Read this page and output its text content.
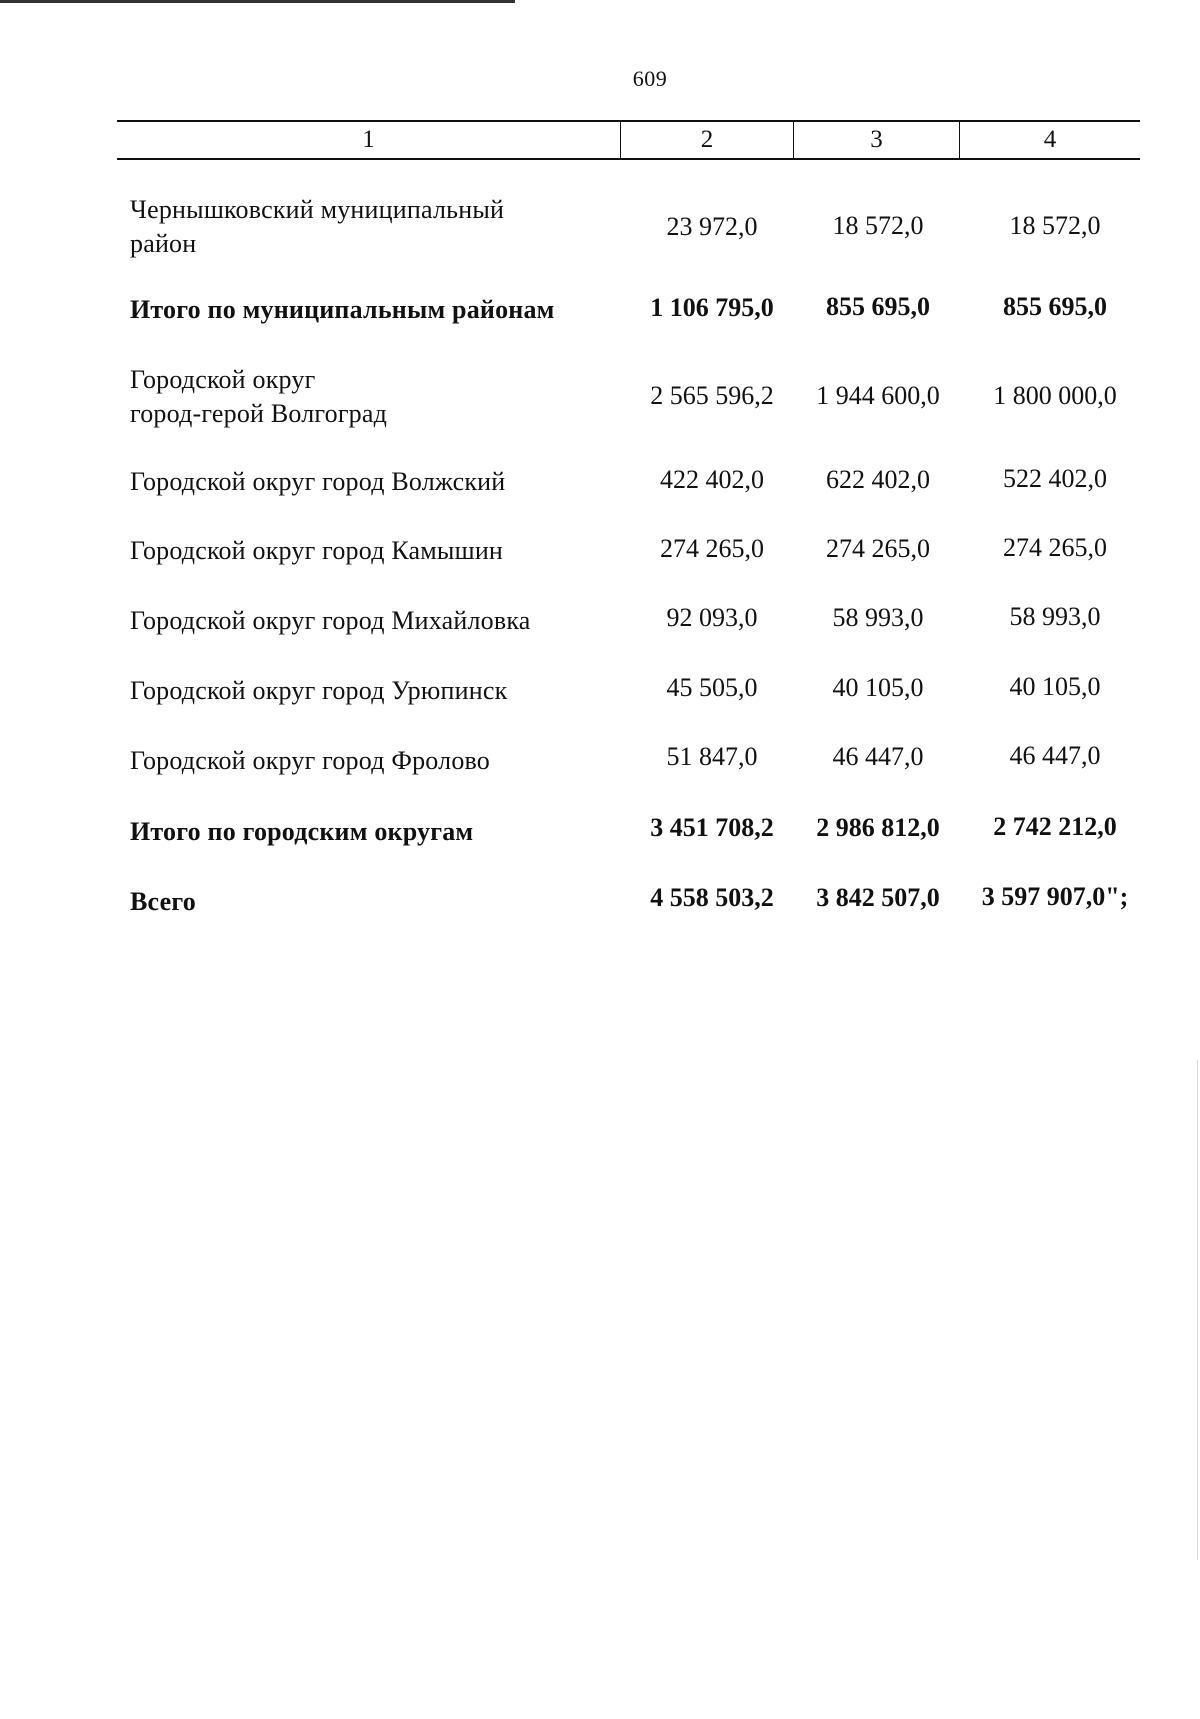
609
1	2	3	4
Чернышковский муниципальный
район
23 972,0	18 572,0	18 572,0
Итого по муниципальным районам	1 106 795,0	855 695,0	855 695,0
Городской округ
город-герой Волгоград
2 565 596,2	1 944 600,0	1 800 000,0
Городской округ город Волжский	422 402,0	622 402,0	522 402,0
Городской округ город Камышин	274 265,0	274 265,0	274 265,0
Городской округ город Михайловка	92 093,0	58 993,0	58 993,0
Городской округ город Урюпинск	45 505,0	40 105,0	40 105,0
Городской округ город Фролово	51 847,0	46 447,0	46 447,0
Итого по городским округам	3 451 708,2	2 986 812,0	2 742 212,0
Всего	4 558 503,2	3 842 507,0	3 597 907,0";
